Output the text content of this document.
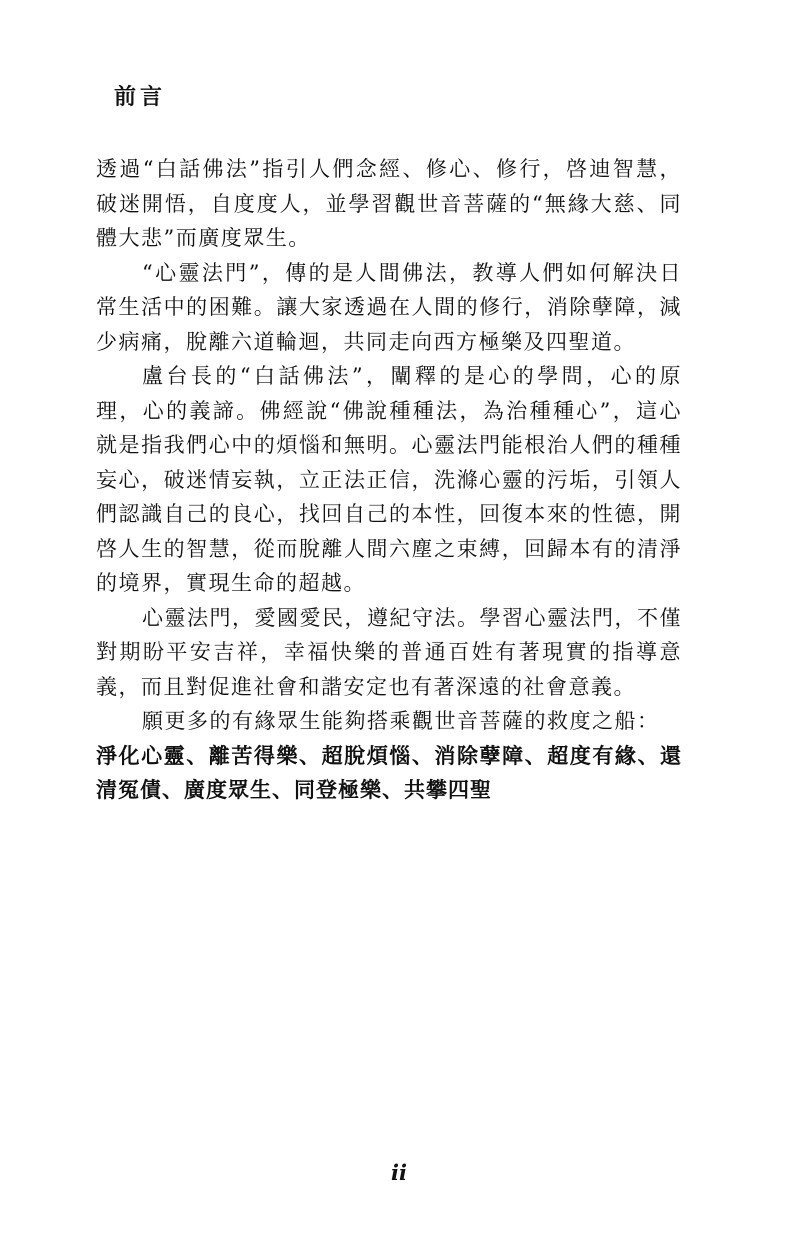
前言

透過“白話佛法”指引人們念經、修心、修行，啓迪智慧，破迷開悟，自度度人，並學習觀世音菩薩的“無緣大慈、同體大悲”而廣度眾生。

“心靈法門”，傳的是人間佛法，教導人們如何解決日常生活中的困難。讓大家透過在人間的修行，消除孽障，減少病痛，脫離六道輪迴，共同走向西方極樂及四聖道。

盧台長的“白話佛法”，闡釋的是心的學問，心的原理，心的義諦。佛經說“佛說種種法，為治種種心”，這心就是指我們心中的煩惱和無明。心靈法門能根治人們的種種妄心，破迷情妄執，立正法正信，洗滌心靈的污垢，引領人們認識自己的良心，找回自己的本性，回復本來的性德，開啓人生的智慧，從而脫離人間六塵之束縛，回歸本有的清淨的境界，實現生命的超越。

心靈法門，愛國愛民，遵紀守法。學習心靈法門，不僅對期盼平安吉祥，幸福快樂的普通百姓有著現實的指導意義，而且對促進社會和諧安定也有著深遠的社會意義。

願更多的有緣眾生能夠搭乘觀世音菩薩的救度之船：

淨化心靈、離苦得樂、超脫煩惱、消除孽障、超度有緣、還清冤債、廣度眾生、同登極樂、共攀四聖

ii
